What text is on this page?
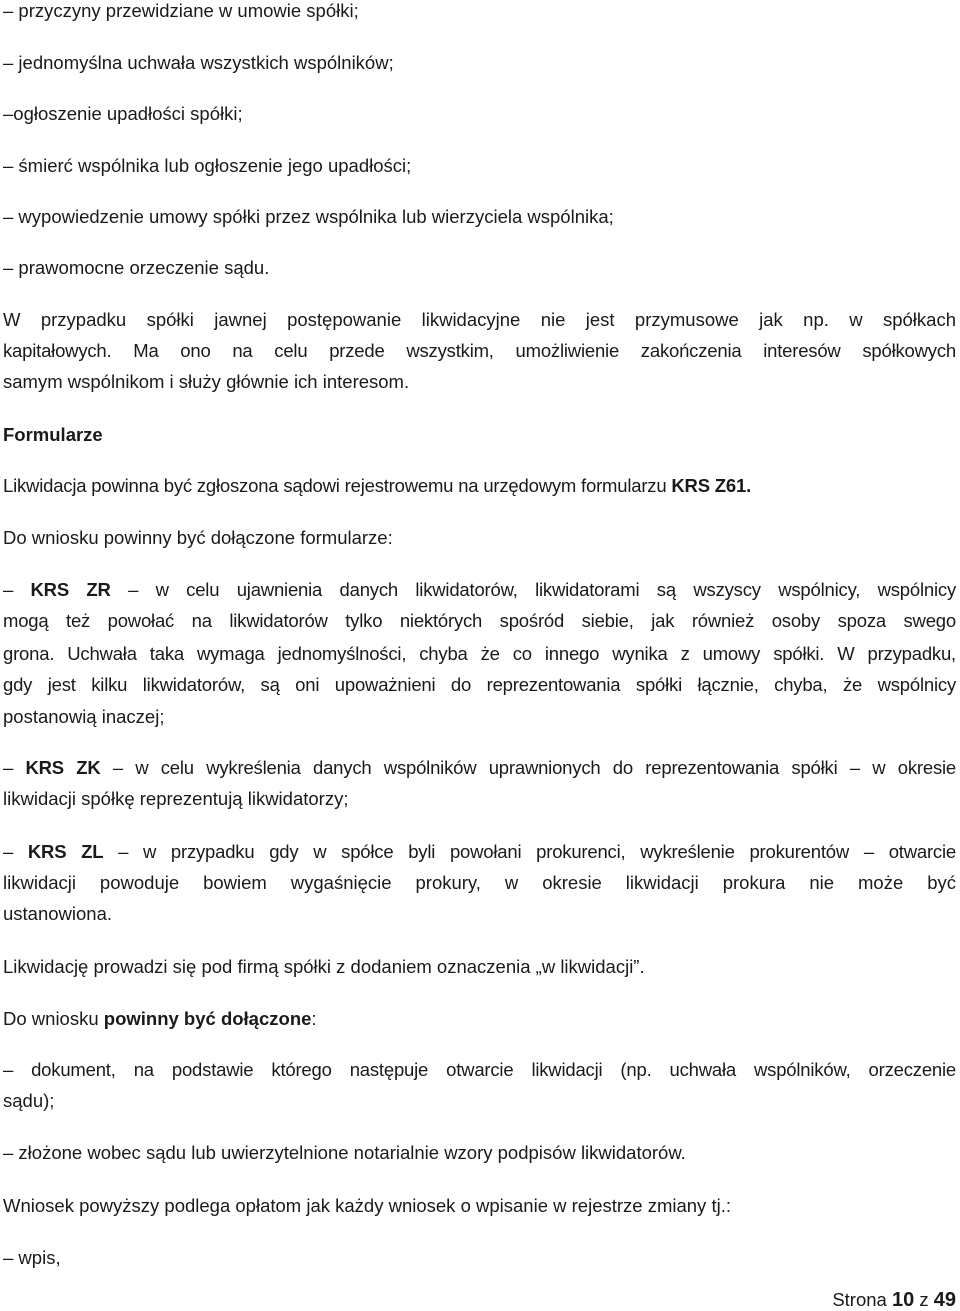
– przyczyny przewidziane w umowie spółki;
– jednomyślna uchwała wszystkich wspólników;
–ogłoszenie upadłości spółki;
– śmierć wspólnika lub ogłoszenie jego upadłości;
– wypowiedzenie umowy spółki przez wspólnika lub wierzyciela wspólnika;
– prawomocne orzeczenie sądu.
W przypadku spółki jawnej postępowanie likwidacyjne nie jest przymusowe jak np. w spółkach
kapitałowych. Ma ono na celu przede wszystkim, umożliwienie zakończenia interesów spółkowych
samym wspólnikom i służy głównie ich interesom.
Formularze
Likwidacja powinna być zgłoszona sądowi rejestrowemu na urzędowym formularzu KRS Z61.
Do wniosku powinny być dołączone formularze:
– KRS ZR – w celu ujawnienia danych likwidatorów, likwidatorami są wszyscy wspólnicy, wspólnicy
mogą też powołać na likwidatorów tylko niektórych spośród siebie, jak również osoby spoza swego
grona. Uchwała taka wymaga jednomyślności, chyba że co innego wynika z umowy spółki. W przypadku,
gdy jest kilku likwidatorów, są oni upoważnieni do reprezentowania spółki łącznie, chyba, że wspólnicy
postanowią inaczej;
– KRS ZK – w celu wykreślenia danych wspólników uprawnionych do reprezentowania spółki – w okresie
likwidacji spółkę reprezentują likwidatorzy;
– KRS ZL – w przypadku gdy w spółce byli powołani prokurenci, wykreślenie prokurentów – otwarcie
likwidacji powoduje bowiem wygaśnięcie prokury, w okresie likwidacji prokura nie może być
ustanowiona.
Likwidację prowadzi się pod firmą spółki z dodaniem oznaczenia „w likwidacji”.
Do wniosku powinny być dołączone:
– dokument, na podstawie którego następuje otwarcie likwidacji (np. uchwała wspólników, orzeczenie
sądu);
– złożone wobec sądu lub uwierzytelnione notarialnie wzory podpisów likwidatorów.
Wniosek powyższy podlega opłatom jak każdy wniosek o wpisanie w rejestrze zmiany tj.:
– wpis,
Strona 10 z 49
